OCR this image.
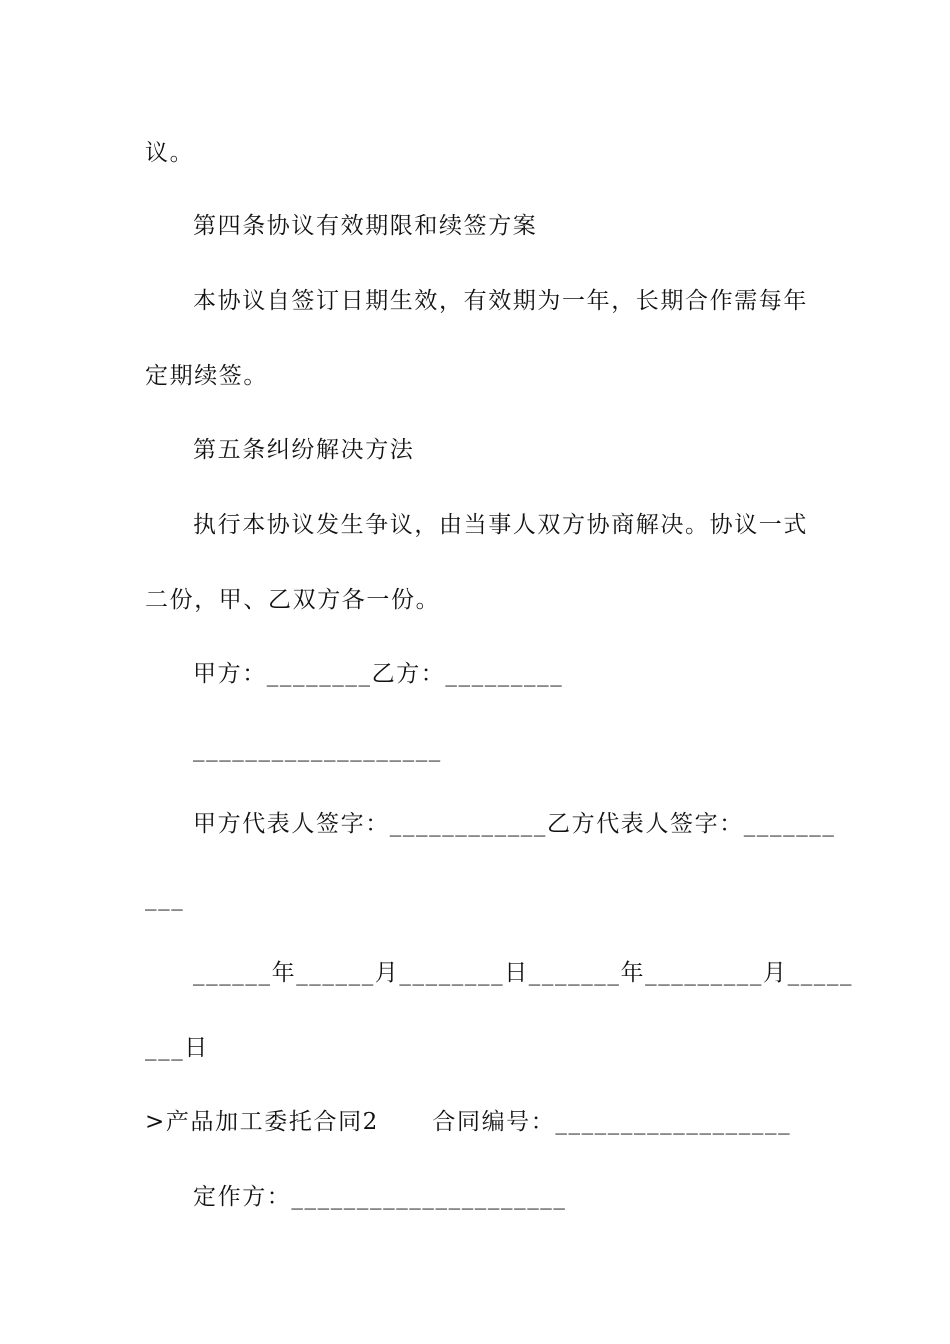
议。
第四条协议有效期限和续签方案
本协议自签订日期生效，有效期为一年，长期合作需每年
定期续签。
第五条纠纷解决方法
执行本协议发生争议，由当事人双方协商解决。协议一式
二份，甲、乙双方各一份。
甲方：________乙方：_________
___________________
甲方代表人签字：____________乙方代表人签字：_______
___
______年______月________日_______年_________月_____
___日
>产品加工委托合同2      合同编号：__________________
定作方：_____________________
